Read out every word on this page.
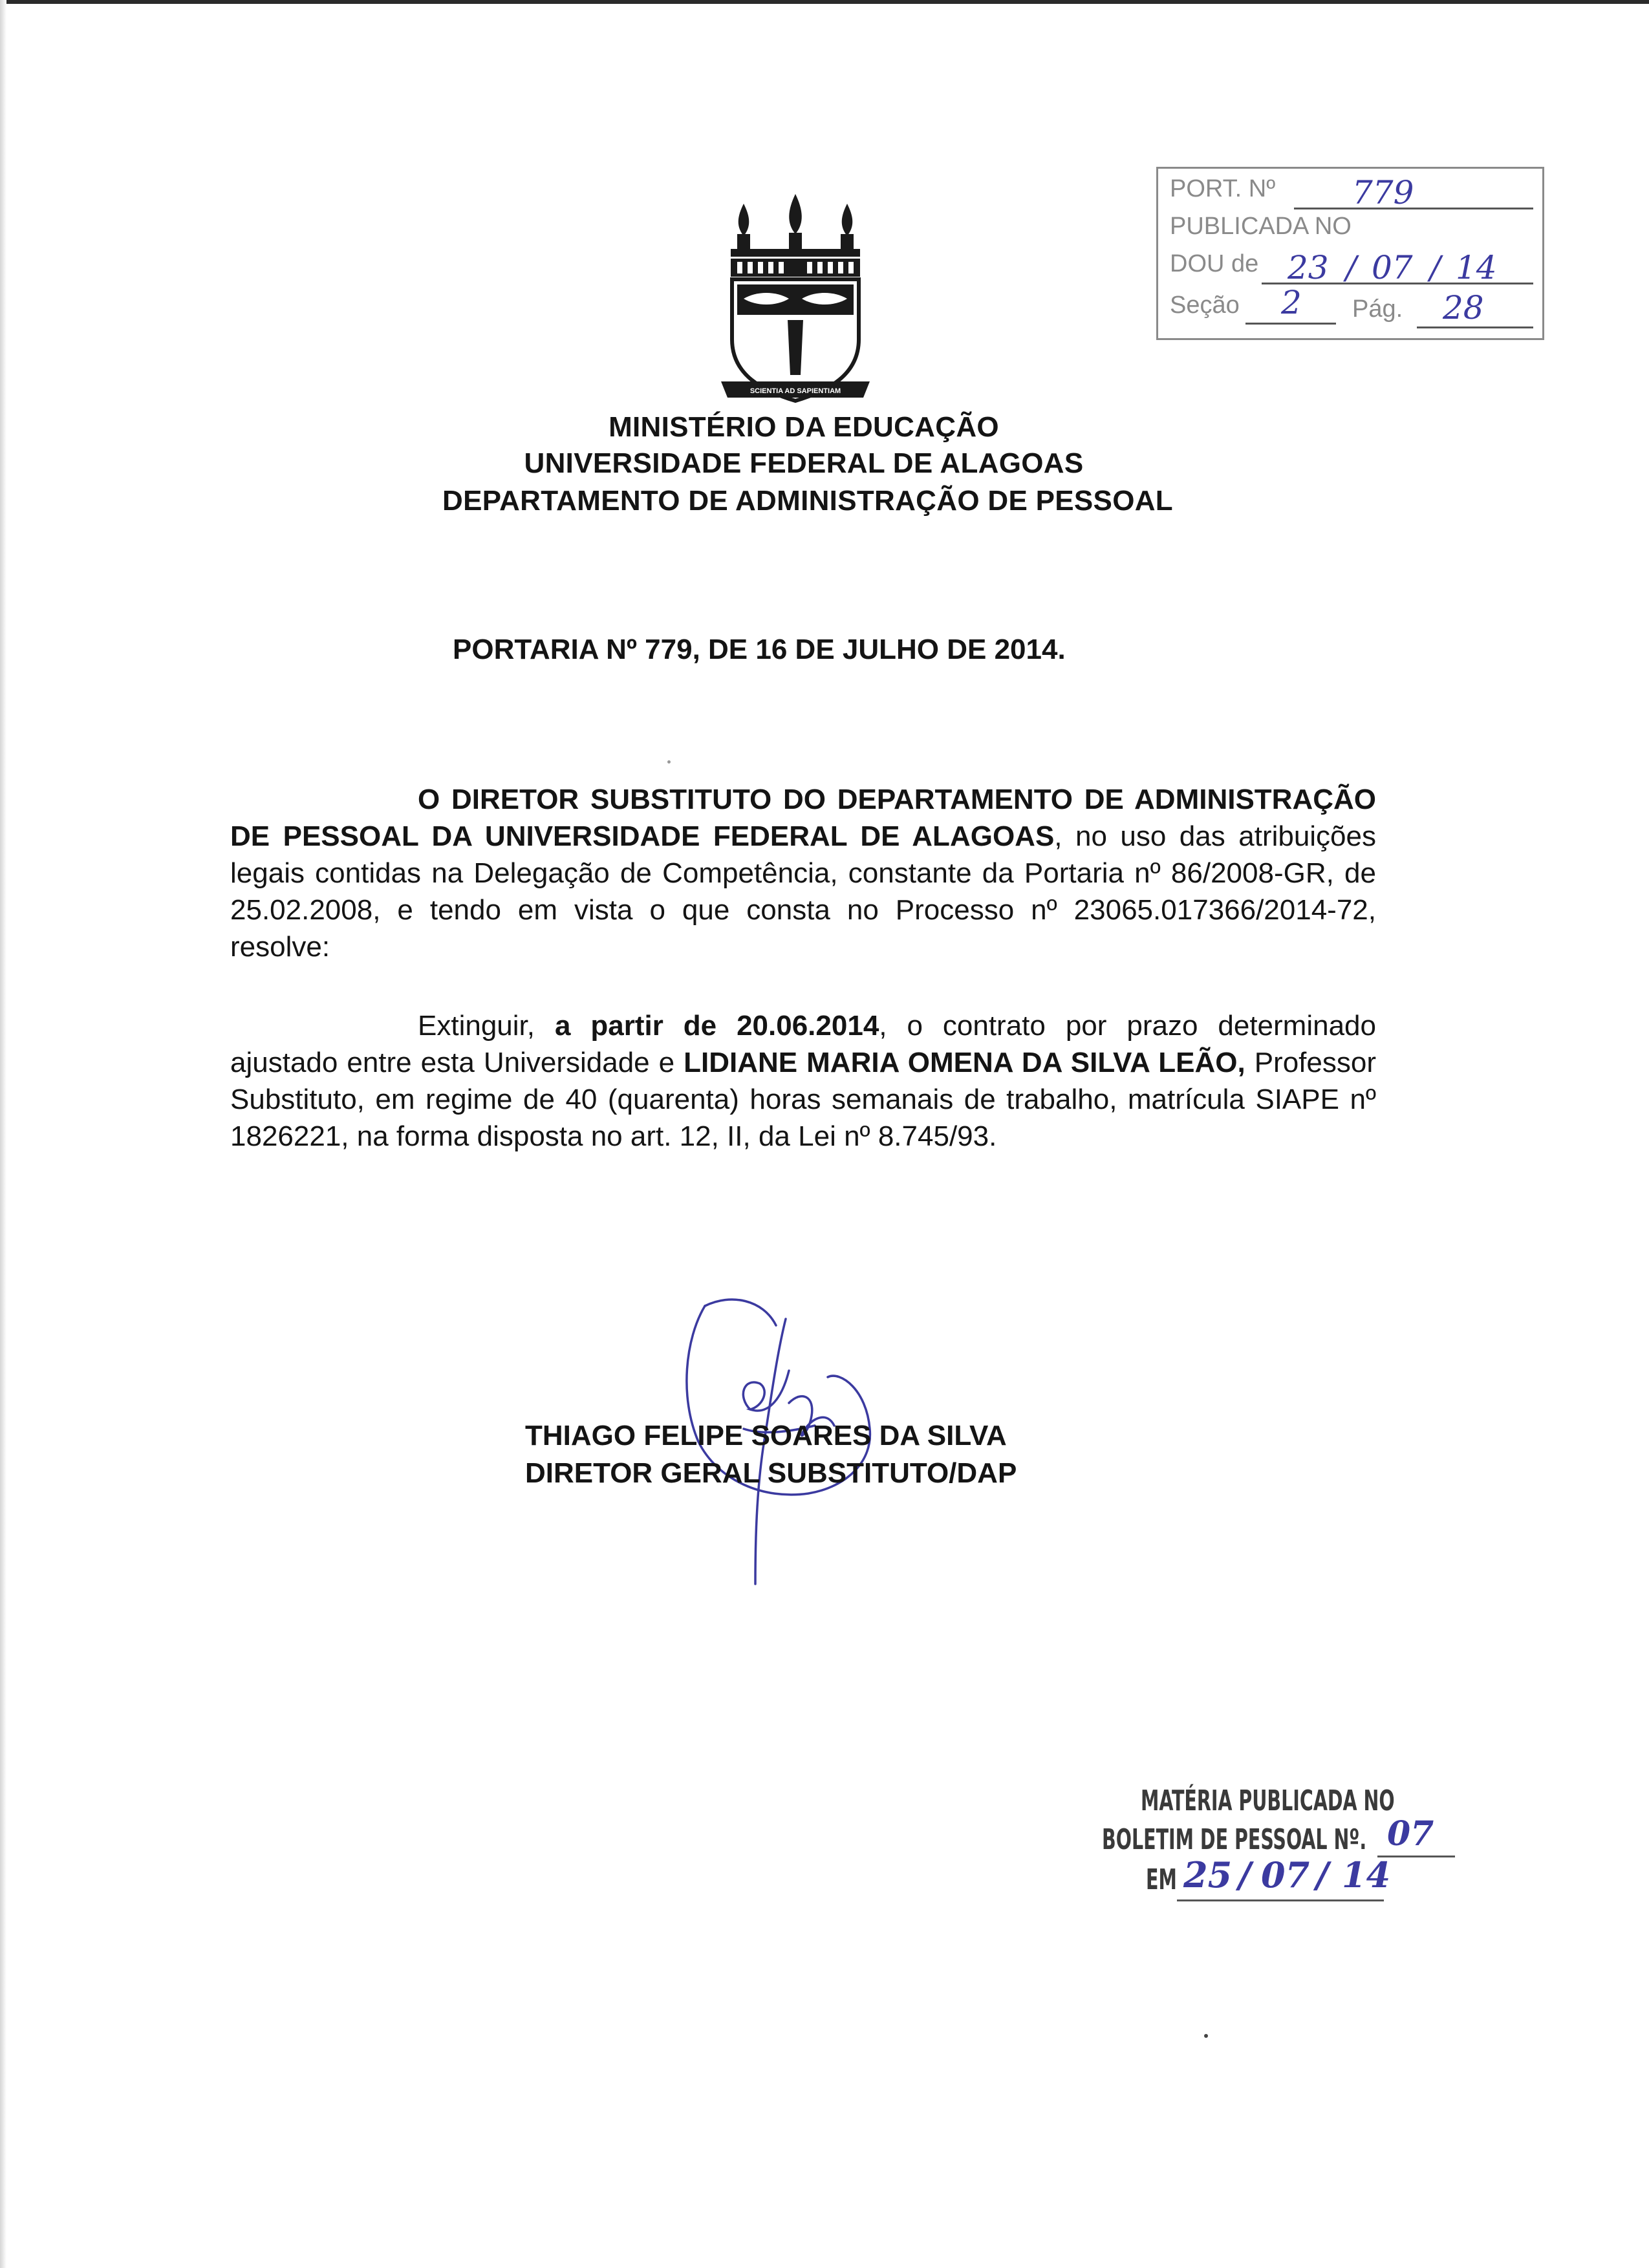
SCIENTIA AD SAPIENTIAM
PORT. Nº 779
PUBLICADA NO
DOU de 23 / 07 / 14
Seção 2 Pág. 28
MINISTÉRIO DA EDUCAÇÃO
UNIVERSIDADE FEDERAL DE ALAGOAS
DEPARTAMENTO DE ADMINISTRAÇÃO DE PESSOAL
PORTARIA Nº 779, DE 16 DE JULHO DE 2014.
O DIRETOR SUBSTITUTO DO DEPARTAMENTO DE ADMINISTRAÇÃO DE PESSOAL DA UNIVERSIDADE FEDERAL DE ALAGOAS, no uso das atribuições legais contidas na Delegação de Competência, constante da Portaria nº 86/2008-GR, de 25.02.2008, e tendo em vista o que consta no Processo nº 23065.017366/2014-72, resolve:
Extinguir, a partir de 20.06.2014, o contrato por prazo determinado ajustado entre esta Universidade e LIDIANE MARIA OMENA DA SILVA LEÃO, Professor Substituto, em regime de 40 (quarenta) horas semanais de trabalho, matrícula SIAPE nº 1826221, na forma disposta no art. 12, II, da Lei nº 8.745/93.
THIAGO FELIPE SOARES DA SILVA
DIRETOR GERAL SUBSTITUTO/DAP
MATÉRIA PUBLICADA NO
BOLETIM DE PESSOAL Nº. 07
EM 25 / 07 / 14
